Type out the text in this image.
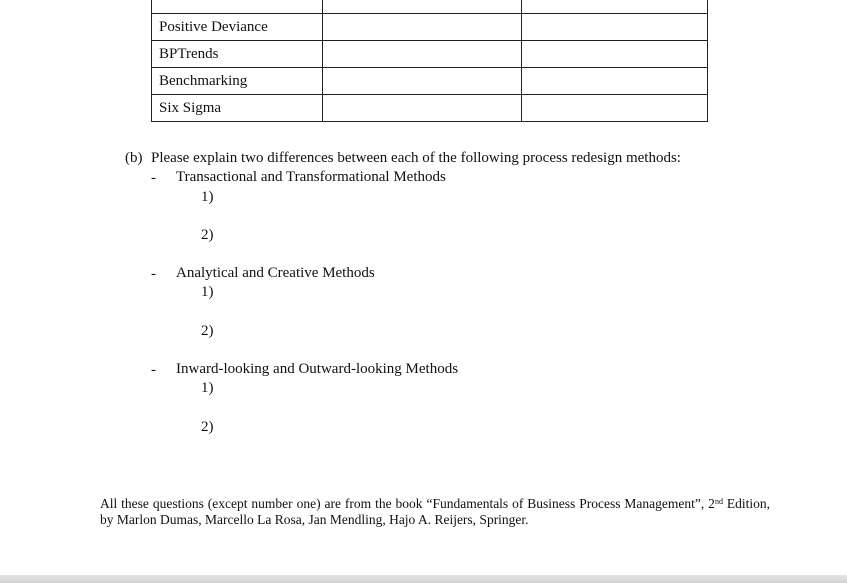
Positive Deviance		
BPTrends		
Benchmarking		
Six Sigma		
(b) Please explain two differences between each of the following process redesign methods:
- Transactional and Transformational Methods
1)
2)
- Analytical and Creative Methods
1)
2)
- Inward-looking and Outward-looking Methods
1)
2)
All these questions (except number one) are from the book “Fundamentals of Business Process Management”, 2nd Edition, by Marlon Dumas, Marcello La Rosa, Jan Mendling, Hajo A. Reijers, Springer.
